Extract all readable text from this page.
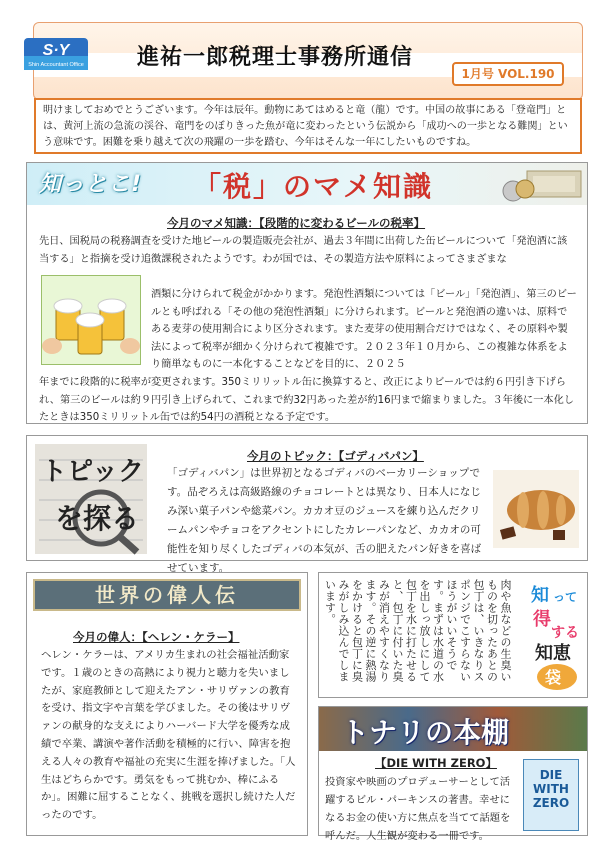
S·Y
Shin Accountant Office 進祐一郎税理士事務所通信
1月号 VOL.190
明けましておめでとうございます。今年は辰年。動物にあてはめると竜（龍）です。中国の故事にある「登竜門」とは、黄河上流の急流の渓谷、竜門をのぼりきった魚が竜に変わったという伝説から「成功への一歩となる難関」という意味です。困難を乗り越えて次の飛躍の一歩を踏む、今年はそんな一年にしたいものですね。
知っとこ! 「税」のマメ知識
今月のマメ知識：【段階的に変わるビールの税率】
先日、国税局の税務調査を受けた地ビールの製造販売会社が、過去３年間に出荷した缶ビールについて「発泡酒に該当する」と指摘を受け追徴課税されたようです。わが国では、その製造方法や原料によってさまざまな
酒類に分けられて税金がかかります。発泡性酒類については「ビール」「発泡酒」、第三のビールとも呼ばれる「その他の発泡性酒類」に分けられます。ビールと発泡酒の違いは、原料である麦芽の使用割合により区分されます。また麦芽の使用割合だけではなく、その原料や製法によって税率が細かく分けられて複雑です。２０２３年１０月から、この複雑な体系をより簡単なものに一本化することなどを目的に、２０２５
年までに段階的に税率が変更されます。350ミリリットル缶に換算すると、改正によりビールでは約６円引き下げられ、第三のビールは約９円引き上げられて、これまで約32円あった差が約16円まで縮まりました。３年後に一本化したときは350ミリリットル缶では約54円の酒税となる予定です。
トピック
を探る
今月のトピック：【ゴディバパン】
「ゴディバパン」は世界初となるゴディバのベーカリーショップです。品ぞろえは高級路線のチョコレートとは異なり、日本人になじみ深い菓子パンや総菜パン。カカオ豆のジュースを練り込んだクリームパンやチョコをアクセントにしたカレーパンなど、カカオの可能性を知り尽くしたゴディバの本気が、舌の肥えたパン好きを喜ばせています。
世界の偉人伝
今月の偉人：【ヘレン・ケラー】
ヘレン・ケラーは、アメリカ生まれの社会福祉活動家です。１歳のときの高熱により視力と聴力を失いましたが、家庭教師として迎えたアン・サリヴァンの教育を受け、指文字や言葉を学びました。その後はサリヴァンの献身的な支えによりハーバード大学を優秀な成績で卒業、講演や著作活動を積極的に行い、障害を抱える人々の教育や福祉の充実に生涯を捧げました。「人生はどちらかです。勇気をもって挑むか、棒にふるか」。困難に屈することなく、挑戦を選択し続けた人だったのです。
肉や魚などの生臭いものを切ったあとの包丁は、いきなりスポンジでこすらないほうがいいそうです。まずは水道の水を出しっ放しにして包丁を水に打たせると、包丁に付いた臭みが消えやすくなります。その逆に熱湯をかけると包丁に臭みがしみ込んでしまいます。	知 って
得
する
知恵
袋
トナリの本棚
【DIE WITH ZERO】
投資家や映画のプロデューサーとして活躍するビル・パーキンスの著書。幸せになるお金の使い方に焦点を当てて話題を呼んだ。人生観が変わる一冊です。
DIE WITH ZERO
